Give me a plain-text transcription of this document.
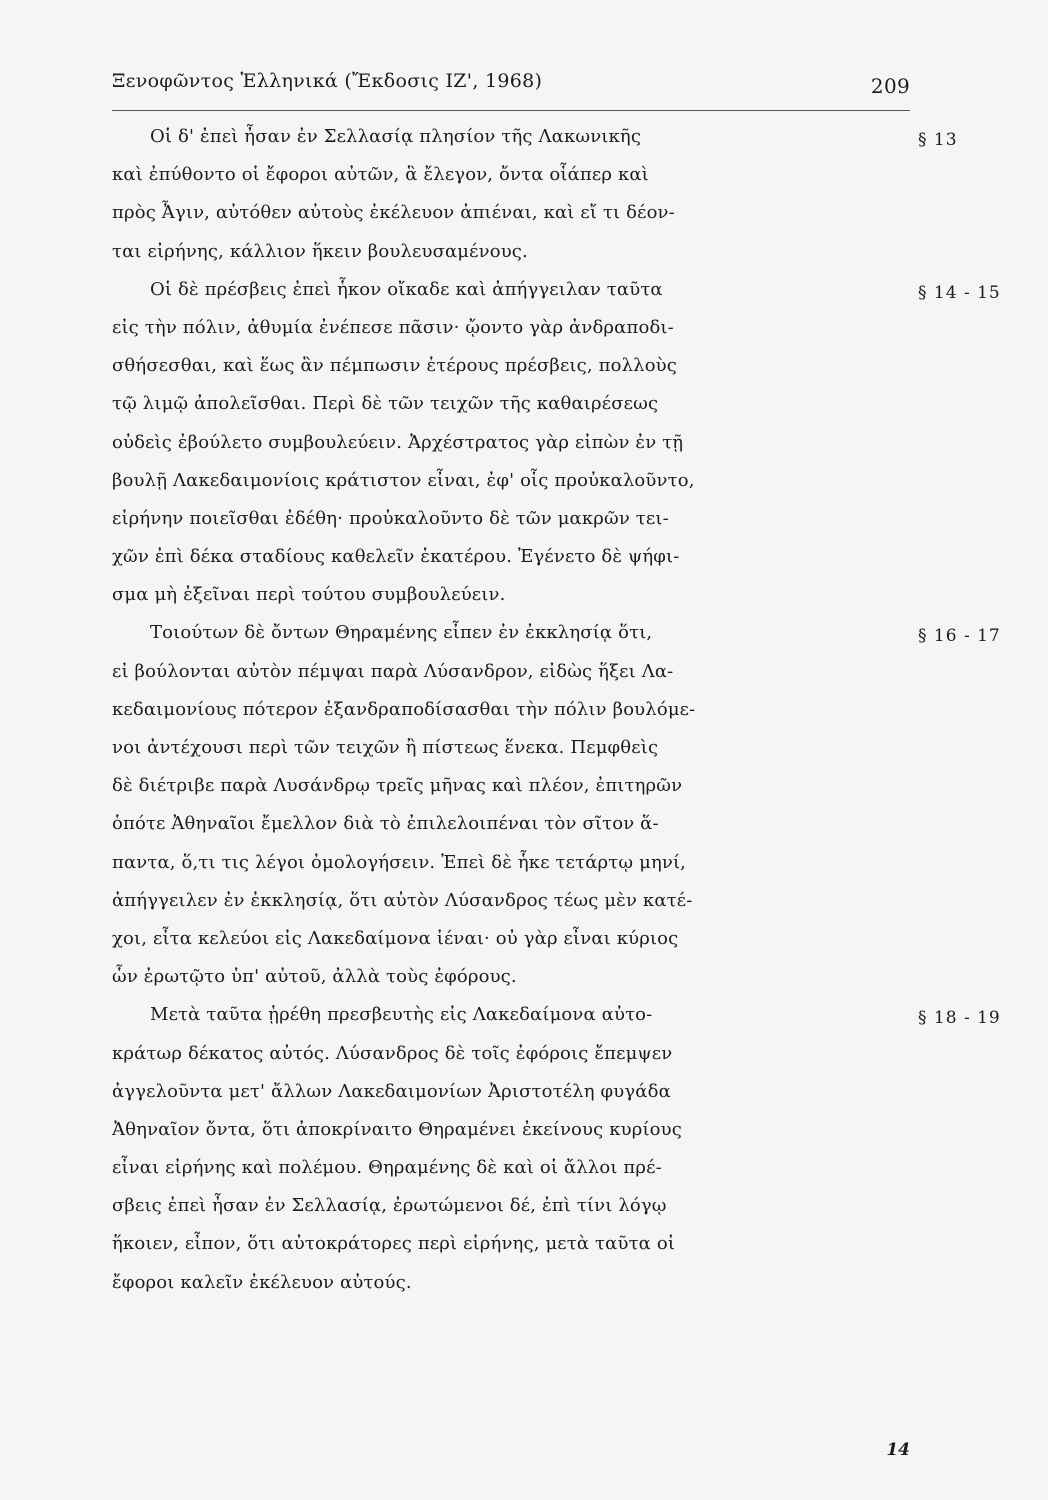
Ξενοφῶντος Ἑλληνικά (Ἔκδοσις ΙΖ', 1968)	209
§ 13
Οἱ δ' ἐπεὶ ἦσαν ἐν Σελλασίᾳ πλησίον τῆς Λακωνικῆς
καὶ ἐπύθοντο οἱ ἔφοροι αὐτῶν, ἃ ἔλεγον, ὄντα οἷάπερ καὶ
πρὸς Ἆγιν, αὐτόθεν αὐτοὺς ἐκέλευον ἀπιέναι, καὶ εἴ τι δέον-
ται εἰρήνης, κάλλιον ἥκειν βουλευσαμένους.
§ 14 - 15
Οἱ δὲ πρέσβεις ἐπεὶ ἧκον οἴκαδε καὶ ἀπήγγειλαν ταῦτα
εἰς τὴν πόλιν, ἀθυμία ἐνέπεσε πᾶσιν· ᾤοντο γὰρ ἀνδραποδι-
σθήσεσθαι, καὶ ἕως ἂν πέμπωσιν ἑτέρους πρέσβεις, πολλοὺς
τῷ λιμῷ ἀπολεῖσθαι. Περὶ δὲ τῶν τειχῶν τῆς καθαιρέσεως
οὐδεὶς ἐβούλετο συμβουλεύειν. Ἀρχέστρατος γὰρ εἰπὼν ἐν τῇ
βουλῇ Λακεδαιμονίοις κράτιστον εἶναι, ἐφ' οἷς προὐκαλοῦντο,
εἰρήνην ποιεῖσθαι ἐδέθη· προὐκαλοῦντο δὲ τῶν μακρῶν τει-
χῶν ἐπὶ δέκα σταδίους καθελεῖν ἑκατέρου. Ἐγένετο δὲ ψήφι-
σμα μὴ ἐξεῖναι περὶ τούτου συμβουλεύειν.
§ 16 - 17
Τοιούτων δὲ ὄντων Θηραμένης εἶπεν ἐν ἐκκλησίᾳ ὅτι,
εἰ βούλονται αὐτὸν πέμψαι παρὰ Λύσανδρον, εἰδὼς ἥξει Λα-
κεδαιμονίους πότερον ἐξανδραποδίσασθαι τὴν πόλιν βουλόμε-
νοι ἀντέχουσι περὶ τῶν τειχῶν ἢ πίστεως ἕνεκα. Πεμφθεὶς
δὲ διέτριβε παρὰ Λυσάνδρῳ τρεῖς μῆνας καὶ πλέον, ἐπιτηρῶν
ὁπότε Ἀθηναῖοι ἔμελλον διὰ τὸ ἐπιλελοιπέναι τὸν σῖτον ἅ-
παντα, ὅ,τι τις λέγοι ὁμολογήσειν. Ἐπεὶ δὲ ἧκε τετάρτῳ μηνί,
ἀπήγγειλεν ἐν ἐκκλησίᾳ, ὅτι αὐτὸν Λύσανδρος τέως μὲν κατέ-
χοι, εἶτα κελεύοι εἰς Λακεδαίμονα ἰέναι· οὐ γὰρ εἶναι κύριος
ὧν ἐρωτῷτο ὑπ' αὐτοῦ, ἀλλὰ τοὺς ἐφόρους.
§ 18 - 19
Μετὰ ταῦτα ᾑρέθη πρεσβευτὴς εἰς Λακεδαίμονα αὐτο-
κράτωρ δέκατος αὐτός. Λύσανδρος δὲ τοῖς ἐφόροις ἔπεμψεν
ἀγγελοῦντα μετ' ἄλλων Λακεδαιμονίων Ἀριστοτέλη φυγάδα
Ἀθηναῖον ὄντα, ὅτι ἀποκρίναιτο Θηραμένει ἐκείνους κυρίους
εἶναι εἰρήνης καὶ πολέμου. Θηραμένης δὲ καὶ οἱ ἄλλοι πρέ-
σβεις ἐπεὶ ἦσαν ἐν Σελλασίᾳ, ἐρωτώμενοι δέ, ἐπὶ τίνι λόγῳ
ἥκοιεν, εἶπον, ὅτι αὐτοκράτορες περὶ εἰρήνης, μετὰ ταῦτα οἱ
ἔφοροι καλεῖν ἐκέλευον αὐτούς.
14
